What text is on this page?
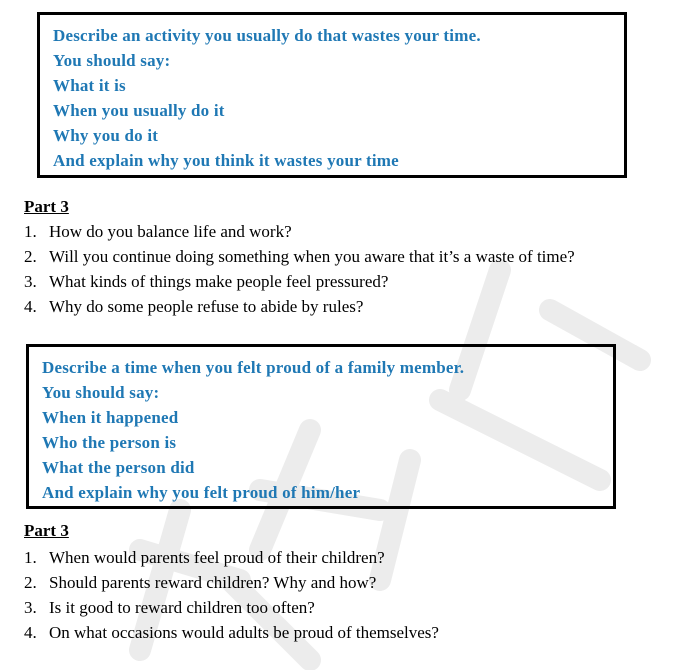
Describe an activity you usually do that wastes your time.
You should say:
What it is
When you usually do it
Why you do it
And explain why you think it wastes your time
Part 3
1. How do you balance life and work?
2. Will you continue doing something when you aware that it’s a waste of time?
3. What kinds of things make people feel pressured?
4. Why do some people refuse to abide by rules?
Describe a time when you felt proud of a family member.
You should say:
When it happened
Who the person is
What the person did
And explain why you felt proud of him/her
Part 3
1. When would parents feel proud of their children?
2. Should parents reward children? Why and how?
3. Is it good to reward children too often?
4. On what occasions would adults be proud of themselves?
